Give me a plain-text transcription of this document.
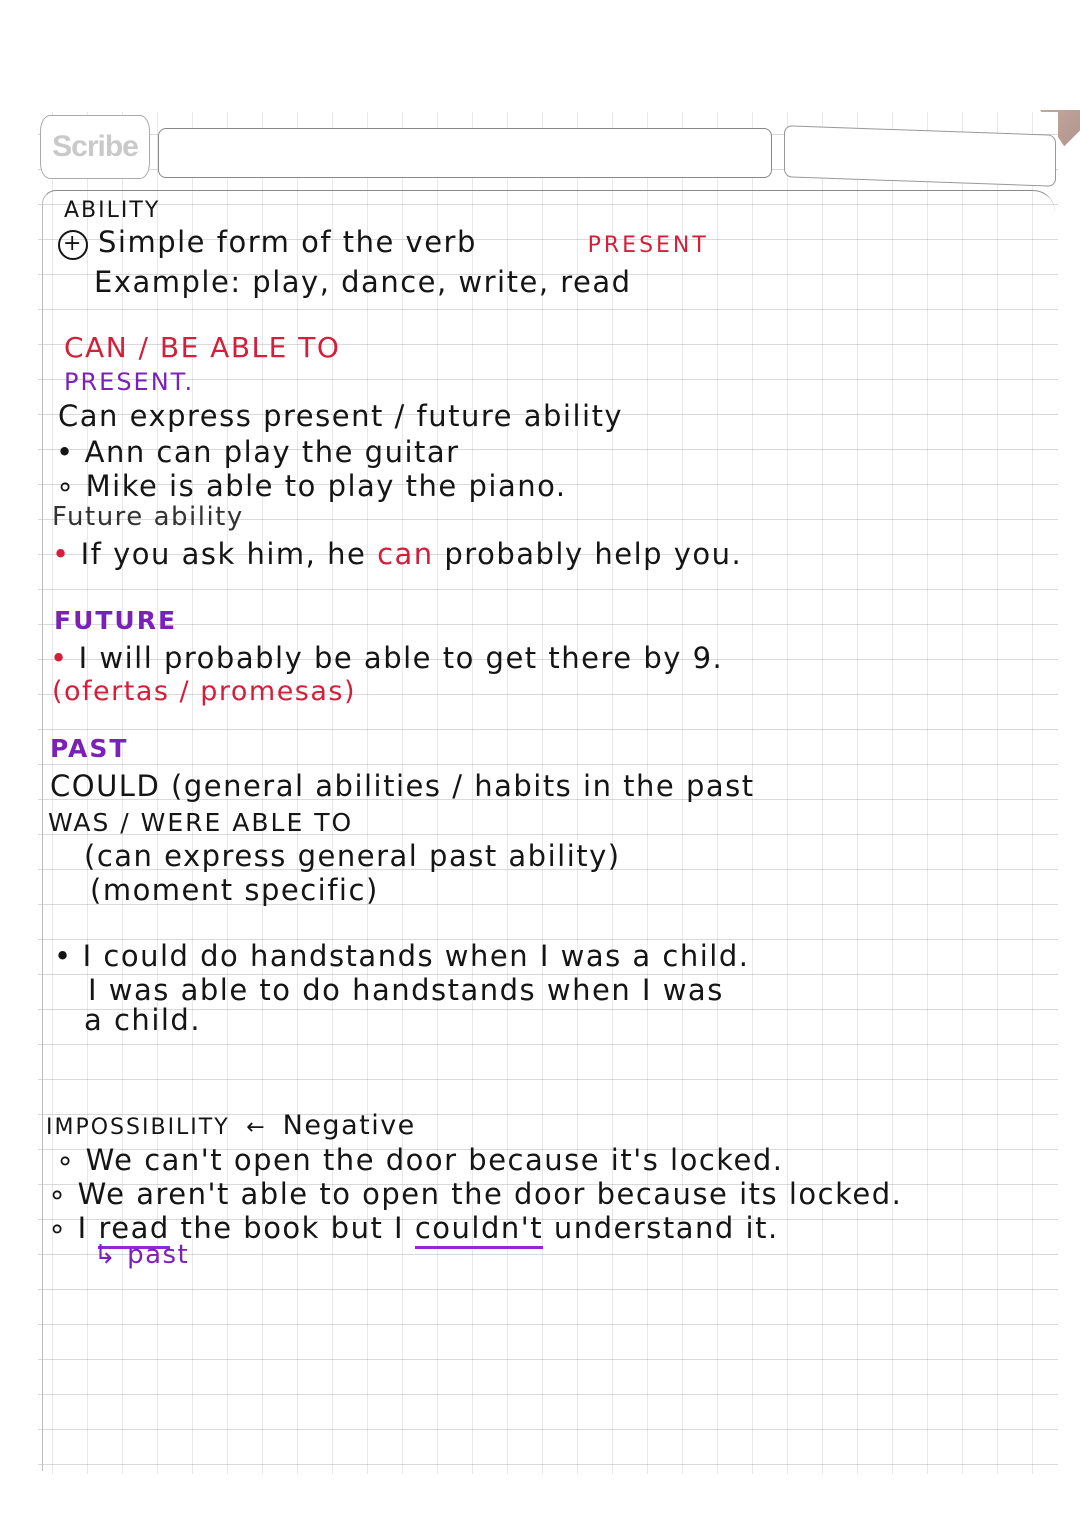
Scribe
ABILITY
+ Simple form of the verb	PRESENT
Example: play, dance, write, read
CAN / BE ABLE TO
PRESENT.
Can express present / future ability
• Ann can play the guitar
∘ Mike is able to play the piano.
Future ability
• If you ask him, he can probably help you.
FUTURE
• I will probably be able to get there by 9.
(ofertas / promesas)
PAST
COULD (general abilities / habits in the past
WAS / WERE ABLE TO
(can express general past ability)
(moment specific)
• I could do handstands when I was a child.
I was able to do handstands when I was
a child.
IMPOSSIBILITY ← Negative
∘ We can't open the door because it's locked.
∘ We aren't able to open the door because its locked.
∘ I read the book but I couldn't understand it.
↳ past
